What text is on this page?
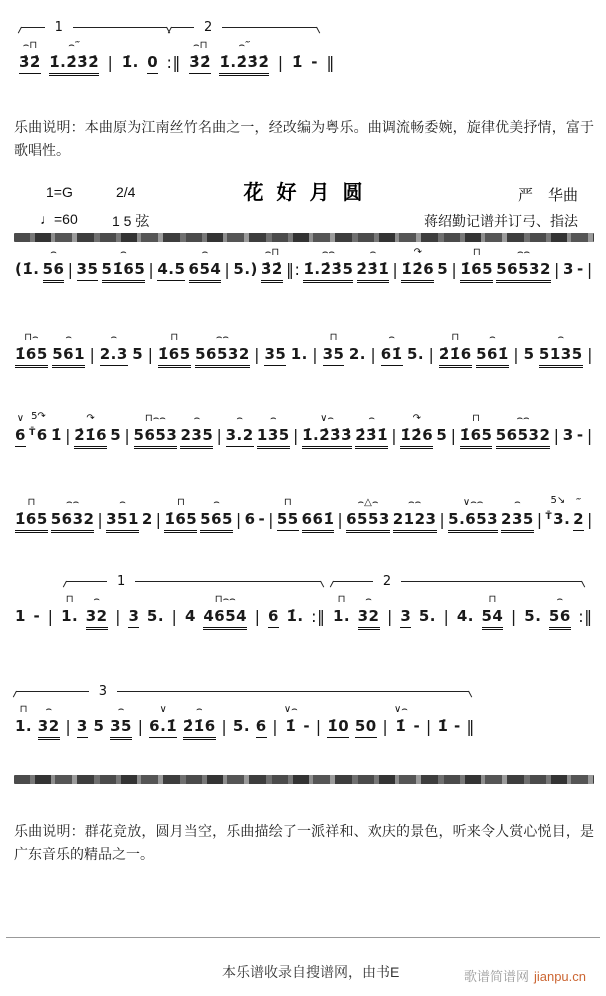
1	2
⌢⊓
3̇2̇
⌢‴
1̇.2̇3̇2̇
|
1̇.
0
:‖
⌢⊓
3̇2̇
⌢‴
1̇.2̇3̇2̇
|
1̇
-
‖

乐曲说明：本曲原为江南丝竹名曲之一，经改编为粤乐。曲调流畅委婉，旋律优美抒情，富于歌唱性。

1=G	2/4	花好月圆	严　华曲
♩=60 1 5 弦	蒋绍勤记谱并订弓、指法

(1̇.
⌢
56
|
35
⌢
51̇65
|
4.5
⌢
654
|
5.)
⌢⊓
3̇2̇
‖:
⌢⌢
1̇.2̇3̇5
⌢
2̇3̇1̇
|
↷
1̇2̇6
5
|
⊓
1̇65
⌢⌢
56532
|
3
-
|
⊓⌢
1̇65
⌢
561
|
⌢
2.3
5
|
⊓
1̇65
⌢⌢
56532
|
35
1.
|
⊓
35
2.
|
⌢
61̇
5.
|
⊓
2̇1̇6
⌢
561̇
|
5
⌢
5135
|
∨
6
5↷
$^{T̄}$6
1̇
|
↷
2̇1̇6
5
|
⊓⌢⌢
5653
⌢
235
|
⌢
3.2
⌢
135
|
∨⌢
1̇.2̇3̇3̇
⌢
2̇3̇1̇
|
↷
1̇2̇6
5
|
⊓
1̇65
⌢⌢
56532
|
3
-
|
⊓
1̇65
⌢⌢
5632
|
⌢
351
2
|
⊓
1̇65
⌢
565
|
6
-
|
⊓
55
661̇
|
⌢△⌢
6553
⌢⌢
2123
|
∨⌢⌢
5.653
⌢
235
|
5↘
$^{T̄}$3.
‴
2
|
1	2

1
-
|
⊓
1.
⌢
32
|
3
5.
|
4
⊓⌢⌢
4654
|
6
1̇.
:‖
⊓
1.
⌢
32
|
3
5.
|
4.
⊓
54
|
5.
⌢
56
:‖
3
⊓
1.
⌢
32
|
3
5
⌢
35
|
∨
6.1̇
⌢
2̇1̇6
|
5.
6
|
∨⌢
1̇
-
|
1̇0
50
|
∨⌢
1̇
-
|
1̇
-
‖

乐曲说明：群花竞放，圆月当空，乐曲描绘了一派祥和、欢庆的景色，听来令人赏心悦目，是广东音乐的精品之一。

本乐谱收录自搜谱网，由书E	歌谱简谱网 jianpu.cn
